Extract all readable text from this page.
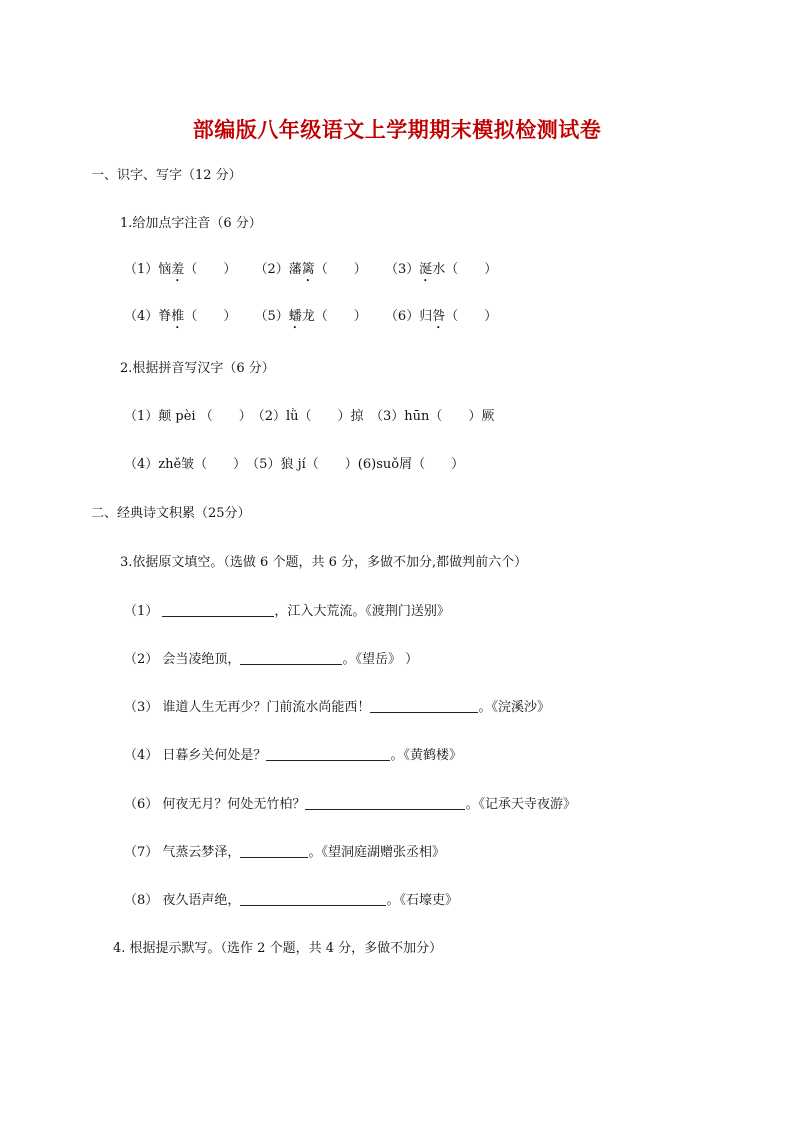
部编版八年级语文上学期期末模拟检测试卷
一、识字、写字（12 分）
1.给加点字注音（6 分）
（1）恼羞（　　） （2）藩篱（　　） （3）涎水（　　）
（4）脊椎（　　） （5）蟠龙（　　） （6）归咎（　　）
2.根据拼音写汉字（6 分）
（1）颠 pèi （　　）　（2）lǜ（　　）掠　（3）hūn（　　）厥
（4）zhě皱（　　）　（5）狼 jí（　　）(6)suǒ屑（　　）
二、经典诗文积累（25分）
3.依据原文填空。（选做 6 个题，共 6 分，多做不加分,都做判前六个）
（1）	，江入大荒流。《渡荆门送别》
（2） 会当凌绝顶，	。《望岳》 ）
（3） 谁道人生无再少？门前流水尚能西！	。《浣溪沙》
（4） 日暮乡关何处是？	。《黄鹤楼》
（6） 何夜无月？何处无竹柏？	。《记承天寺夜游》
（7） 气蒸云梦泽，	。《望洞庭湖赠张丞相》
（8） 夜久语声绝，	。《石壕吏》
4. 根据提示默写。（选作 2 个题，共 4 分，多做不加分）
